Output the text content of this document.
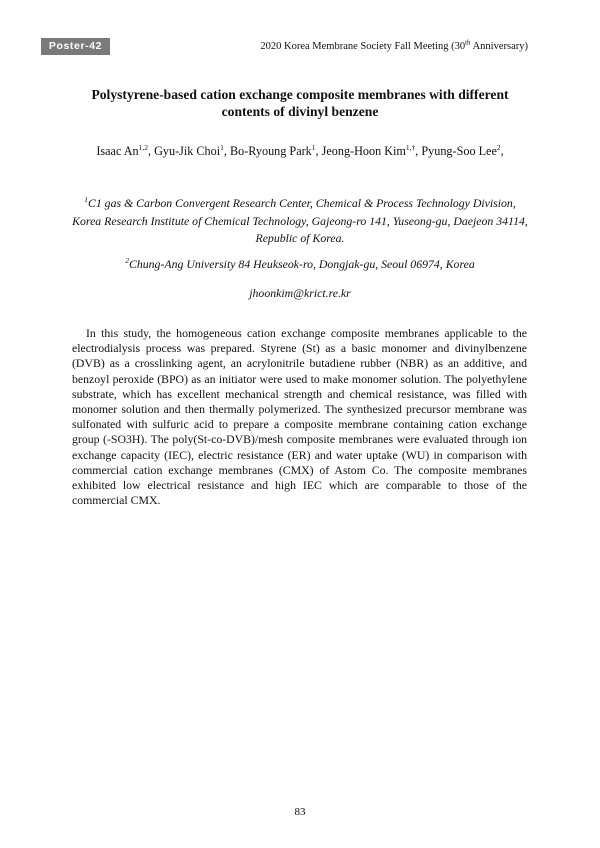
Poster-42	2020 Korea Membrane Society Fall Meeting (30th Anniversary)
Polystyrene-based cation exchange composite membranes with different contents of divinyl benzene
Isaac An$^{1,2}$, Gyu-Jik Choi$^1$, Bo-Ryoung Park$^1$, Jeong-Hoon Kim$^{1,\dagger}$, Pyung-Soo Lee$^2$,

$^1$C1 gas & Carbon Convergent Research Center, Chemical & Process Technology Division, Korea Research Institute of Chemical Technology, Gajeong-ro 141, Yuseong-gu, Daejeon 34114, Republic of Korea.

$^2$Chung-Ang University 84 Heukseok-ro, Dongjak-gu, Seoul 06974, Korea

jhoonkim@krict.re.kr

In this study, the homogeneous cation exchange composite membranes applicable to the electrodialysis process was prepared. Styrene (St) as a basic monomer and divinylbenzene (DVB) as a crosslinking agent, an acrylonitrile butadiene rubber (NBR) as an additive, and benzoyl peroxide (BPO) as an initiator were used to make monomer solution. The polyethylene substrate, which has excellent mechanical strength and chemical resistance, was filled with monomer solution and then thermally polymerized. The synthesized precursor membrane was sulfonated with sulfuric acid to prepare a composite membrane containing cation exchange group (-SO3H). The poly(St-co-DVB)/mesh composite membranes were evaluated through ion exchange capacity (IEC), electric resistance (ER) and water uptake (WU) in comparison with commercial cation exchange membranes (CMX) of Astom Co. The composite membranes exhibited low electrical resistance and high IEC which are comparable to those of the commercial CMX.

83
